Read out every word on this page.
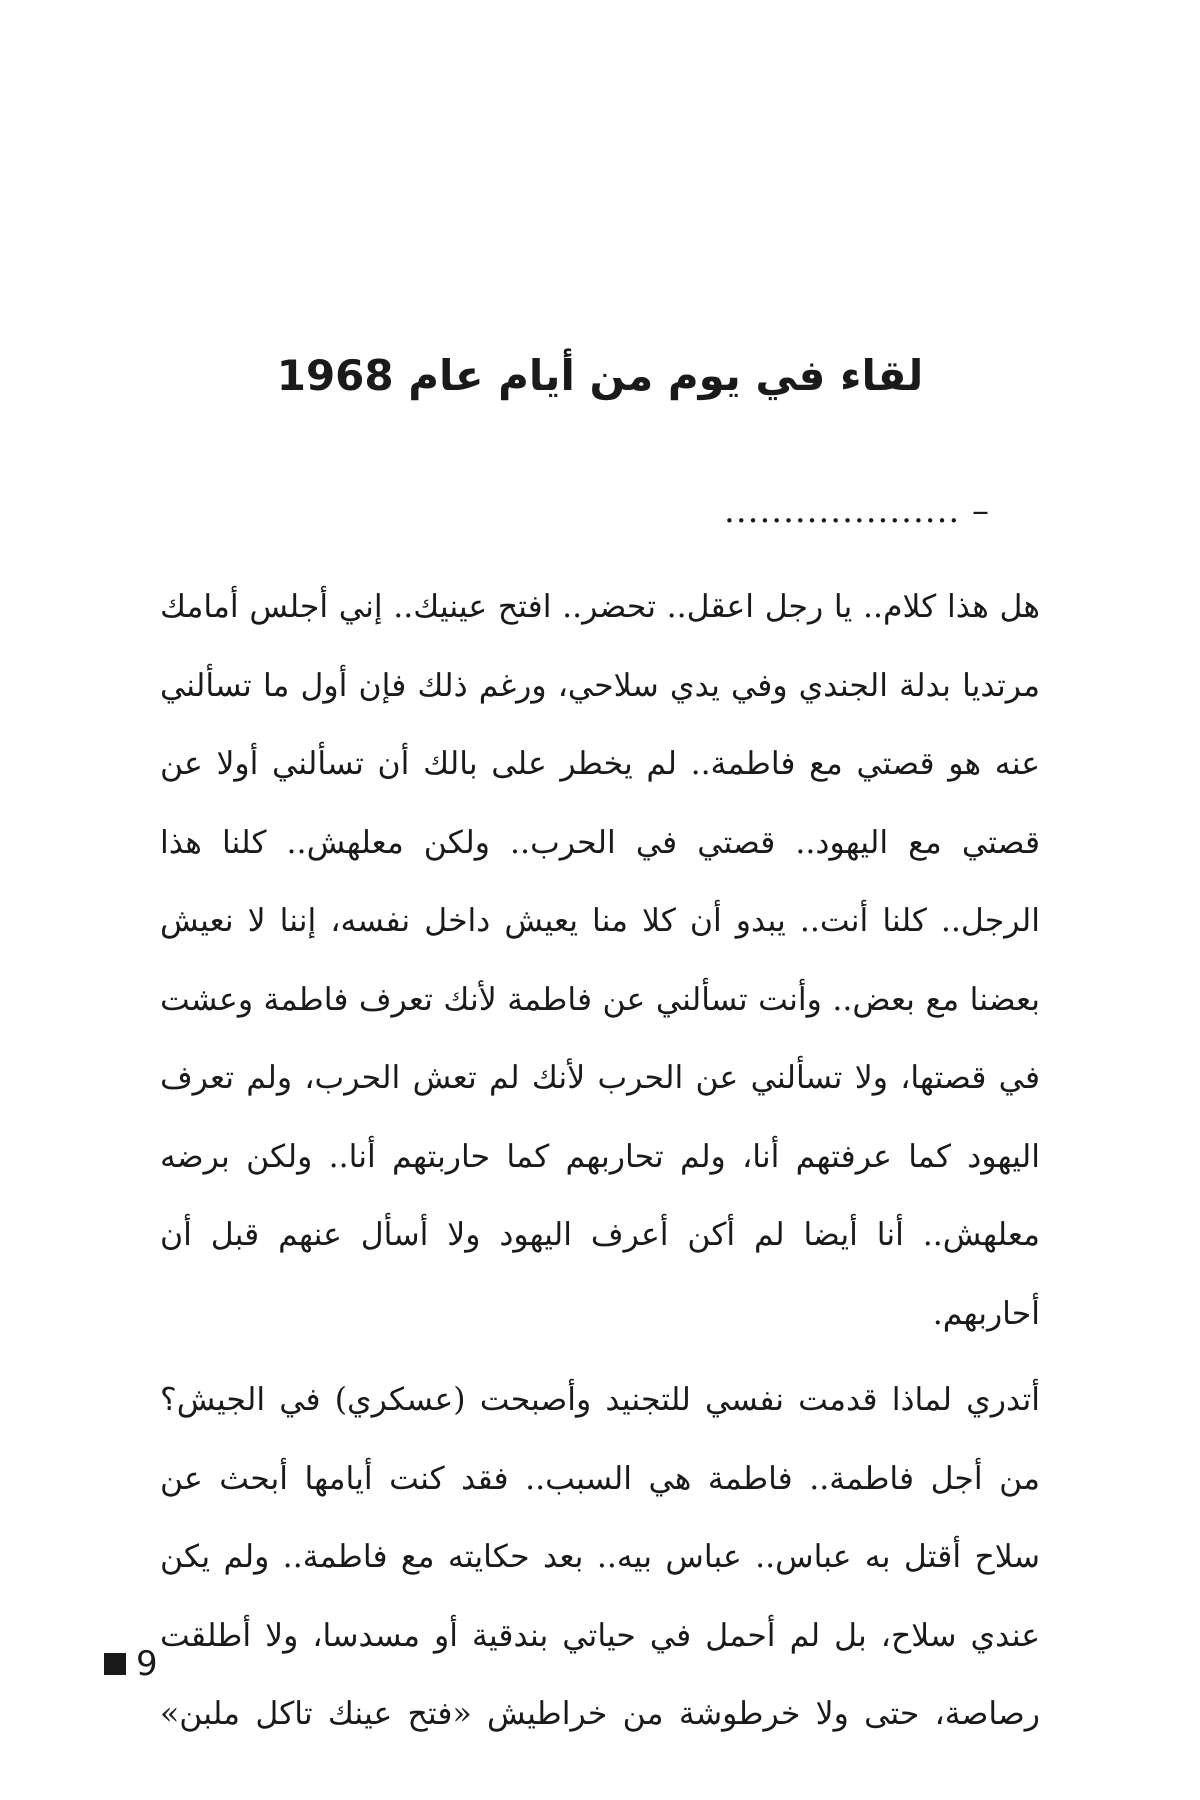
لقاء في يوم من أيام عام 1968

– ....................

هل هذا كلام.. يا رجل اعقل.. تحضر.. افتح عينيك.. إني أجلس أمامك مرتديا بدلة الجندي وفي يدي سلاحي، ورغم ذلك فإن أول ما تسألني عنه هو قصتي مع فاطمة.. لم يخطر على بالك أن تسألني أولا عن قصتي مع اليهود.. قصتي في الحرب.. ولكن معلهش.. كلنا هذا الرجل.. كلنا أنت.. يبدو أن كلا منا يعيش داخل نفسه، إننا لا نعيش بعضنا مع بعض.. وأنت تسألني عن فاطمة لأنك تعرف فاطمة وعشت في قصتها، ولا تسألني عن الحرب لأنك لم تعش الحرب، ولم تعرف اليهود كما عرفتهم أنا، ولم تحاربهم كما حاربتهم أنا.. ولكن برضه معلهش.. أنا أيضا لم أكن أعرف اليهود ولا أسأل عنهم قبل أن أحاربهم.

أتدري لماذا قدمت نفسي للتجنيد وأصبحت (عسكري) في الجيش؟ من أجل فاطمة.. فاطمة هي السبب.. فقد كنت أيامها أبحث عن سلاح أقتل به عباس.. عباس بيه.. بعد حكايته مع فاطمة.. ولم يكن عندي سلاح، بل لم أحمل في حياتي بندقية أو مسدسا، ولا أطلقت رصاصة، حتى ولا خرطوشة من خراطيش «فتح عينك تاكل ملبن»

9
